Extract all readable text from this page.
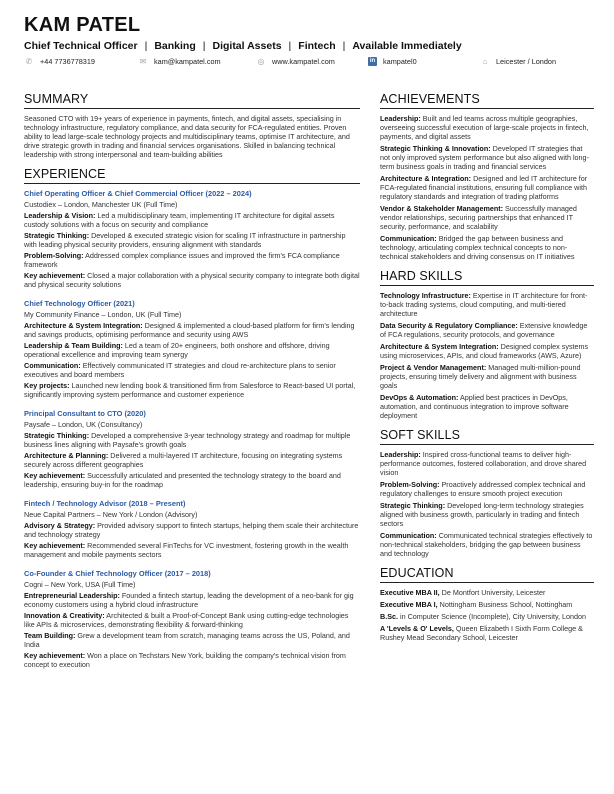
KAM PATEL
Chief Technical Officer | Banking | Digital Assets | Fintech | Available Immediately
✆ +44 7736778319	✉ kam@kampatel.com	◎ www.kampatel.com	in kampatel0	⌂	Leicester / London
SUMMARY
Seasoned CTO with 19+ years of experience in payments, fintech, and digital assets, specialising in technology infrastructure, regulatory compliance, and data security for FCA-regulated entities. Proven ability to lead large-scale technology projects and multidisciplinary teams, optimise IT architecture, and drive strategic growth in trading and financial services organisations. Skilled in balancing technical leadership with strong interpersonal and team-building abilities
EXPERIENCE
Chief Operating Officer & Chief Commercial Officer (2022 – 2024)
Custodiex – London, Manchester UK (Full Time)
Leadership & Vision: Led a multidisciplinary team, implementing IT architecture for digital assets custody solutions with a focus on security and compliance
Strategic Thinking: Developed & executed strategic vision for scaling IT infrastructure in partnership with leading physical security providers, ensuring alignment with standards
Problem-Solving: Addressed complex compliance issues and improved the firm's FCA compliance framework
Key achievement: Closed a major collaboration with a physical security company to integrate both digital and physical security solutions
Chief Technology Officer (2021)
My Community Finance – London, UK (Full Time)
Architecture & System Integration: Designed & implemented a cloud-based platform for firm's lending and savings products, optimising performance and security using AWS
Leadership & Team Building: Led a team of 20+ engineers, both onshore and offshore, driving operational excellence and improving team synergy
Communication: Effectively communicated IT strategies and cloud re-architecture plans to senior executives and board members
Key projects: Launched new lending book & transitioned firm from Salesforce to React-based UI portal, significantly improving system performance and customer experience
Principal Consultant to CTO (2020)
Paysafe – London, UK (Consultancy)
Strategic Thinking: Developed a comprehensive 3-year technology strategy and roadmap for multiple business lines aligning with Paysafe's growth goals
Architecture & Planning: Delivered a multi-layered IT architecture, focusing on integrating systems securely across different geographies
Key achievement: Successfully articulated and presented the technology strategy to the board and leadership, ensuring buy-in for the roadmap
Fintech / Technology Advisor (2018 – Present)
Neue Capital Partners – New York / London (Advisory)
Advisory & Strategy: Provided advisory support to fintech startups, helping them scale their architecture and technology strategy
Key achievement: Recommended several FinTechs for VC investment, fostering growth in the wealth management and mobile payments sectors
Co-Founder & Chief Technology Officer (2017 – 2018)
Cogni – New York, USA (Full Time)
Entrepreneurial Leadership: Founded a fintech startup, leading the development of a neo-bank for gig economy customers using a hybrid cloud infrastructure
Innovation & Creativity: Architected & built a Proof-of-Concept Bank using cutting-edge technologies like APIs & microservices, demonstrating flexibility & forward-thinking
Team Building: Grew a development team from scratch, managing teams across the US, Poland, and India
Key achievement: Won a place on Techstars New York, building the company's technical vision from concept to execution
ACHIEVEMENTS
Leadership: Built and led teams across multiple geographies, overseeing successful execution of large-scale projects in fintech, payments, and digital assets
Strategic Thinking & Innovation: Developed IT strategies that not only improved system performance but also aligned with long-term business goals in trading and financial services
Architecture & Integration: Designed and led IT architecture for FCA-regulated financial institutions, ensuring full compliance with regulatory standards and integration of trading platforms
Vendor & Stakeholder Management: Successfully managed vendor relationships, securing partnerships that enhanced IT security, performance, and scalability
Communication: Bridged the gap between business and technology, articulating complex technical concepts to non-technical stakeholders and driving consensus on IT initiatives
HARD SKILLS
Technology Infrastructure: Expertise in IT architecture for front-to-back trading systems, cloud computing, and multi-tiered architecture
Data Security & Regulatory Compliance: Extensive knowledge of FCA regulations, security protocols, and governance
Architecture & System Integration: Designed complex systems using microservices, APIs, and cloud frameworks (AWS, Azure)
Project & Vendor Management: Managed multi-million-pound projects, ensuring timely delivery and alignment with business goals
DevOps & Automation: Applied best practices in DevOps, automation, and continuous integration to improve software deployment
SOFT SKILLS
Leadership: Inspired cross-functional teams to deliver high-performance outcomes, fostered collaboration, and drove shared vision
Problem-Solving: Proactively addressed complex technical and regulatory challenges to ensure smooth project execution
Strategic Thinking: Developed long-term technology strategies aligned with business growth, particularly in trading and fintech sectors
Communication: Communicated technical strategies effectively to non-technical stakeholders, bridging the gap between business and technology
EDUCATION
Executive MBA II, De Montfort University, Leicester
Executive MBA I, Nottingham Business School, Nottingham
B.Sc. in Computer Science (Incomplete), City University, London
A 'Levels & O' Levels, Queen Elizabeth I Sixth Form College & Rushey Mead Secondary School, Leicester
